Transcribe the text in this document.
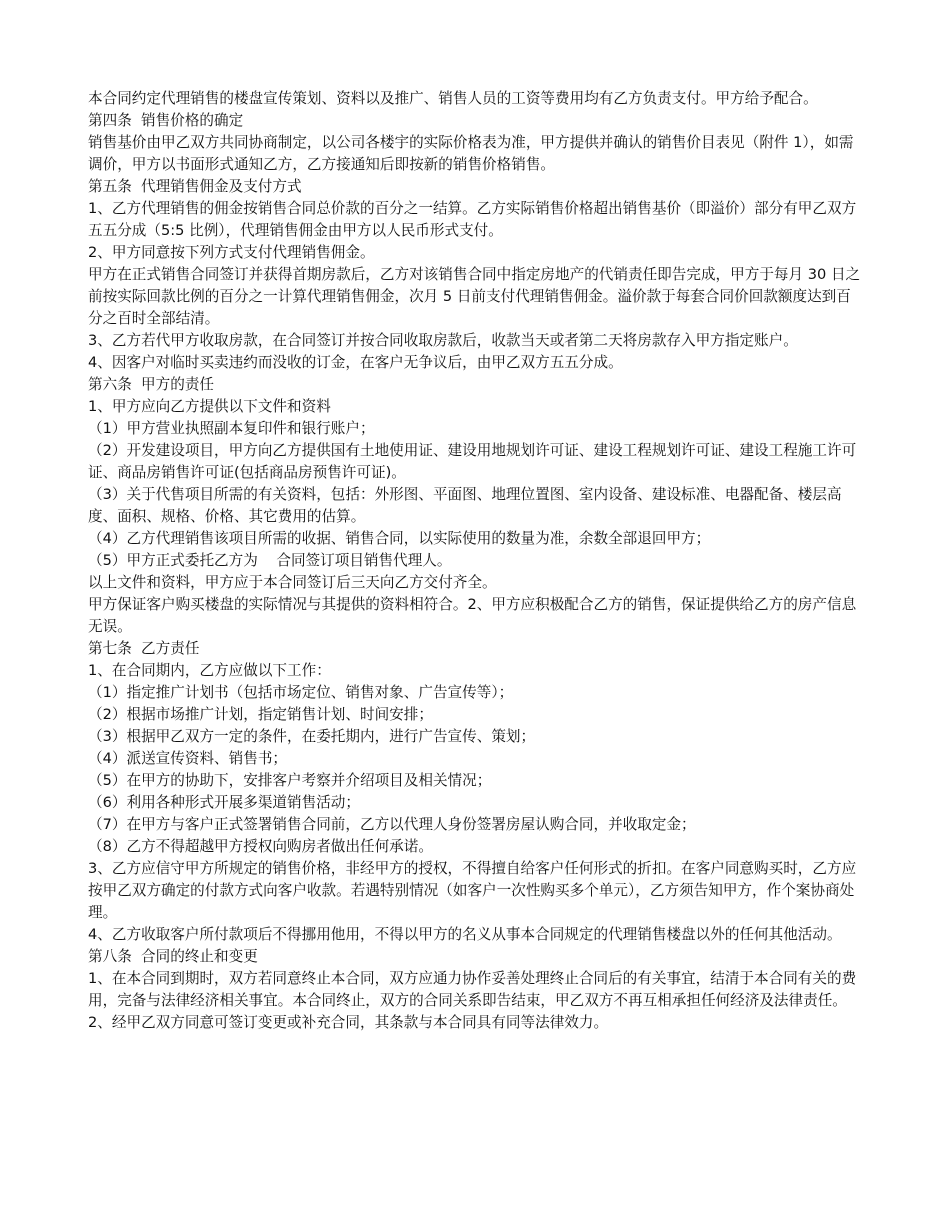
本合同约定代理销售的楼盘宣传策划、资料以及推广、销售人员的工资等费用均有乙方负责支付。甲方给予配合。

第四条  销售价格的确定

销售基价由甲乙双方共同协商制定，以公司各楼宇的实际价格表为准，甲方提供并确认的销售价目表见（附件 1），如需调价，甲方以书面形式通知乙方，乙方接通知后即按新的销售价格销售。

第五条  代理销售佣金及支付方式

1、乙方代理销售的佣金按销售合同总价款的百分之一结算。乙方实际销售价格超出销售基价（即溢价）部分有甲乙双方五五分成（5:5 比例），代理销售佣金由甲方以人民币形式支付。

2、甲方同意按下列方式支付代理销售佣金。

甲方在正式销售合同签订并获得首期房款后，乙方对该销售合同中指定房地产的代销责任即告完成，甲方于每月 30 日之前按实际回款比例的百分之一计算代理销售佣金，次月 5 日前支付代理销售佣金。溢价款于每套合同价回款额度达到百分之百时全部结清。

3、乙方若代甲方收取房款，在合同签订并按合同收取房款后，收款当天或者第二天将房款存入甲方指定账户。

4、因客户对临时买卖违约而没收的订金，在客户无争议后，由甲乙双方五五分成。

第六条  甲方的责任

1、甲方应向乙方提供以下文件和资料

（1）甲方营业执照副本复印件和银行账户；

（2）开发建设项目，甲方向乙方提供国有土地使用证、建设用地规划许可证、建设工程规划许可证、建设工程施工许可证、商品房销售许可证(包括商品房预售许可证)。

（3）关于代售项目所需的有关资料，包括：外形图、平面图、地理位置图、室内设备、建设标准、电器配备、楼层高度、面积、规格、价格、其它费用的估算。

（4）乙方代理销售该项目所需的收据、销售合同，以实际使用的数量为准，余数全部退回甲方；

（5）甲方正式委托乙方为    合同签订项目销售代理人。

以上文件和资料，甲方应于本合同签订后三天向乙方交付齐全。

甲方保证客户购买楼盘的实际情况与其提供的资料相符合。2、甲方应积极配合乙方的销售，保证提供给乙方的房产信息无误。

第七条  乙方责任

1、在合同期内，乙方应做以下工作：

（1）指定推广计划书（包括市场定位、销售对象、广告宣传等）；

（2）根据市场推广计划，指定销售计划、时间安排；

（3）根据甲乙双方一定的条件，在委托期内，进行广告宣传、策划；

（4）派送宣传资料、销售书；

（5）在甲方的协助下，安排客户考察并介绍项目及相关情况；

（6）利用各种形式开展多渠道销售活动；

（7）在甲方与客户正式签署销售合同前，乙方以代理人身份签署房屋认购合同，并收取定金；

（8）乙方不得超越甲方授权向购房者做出任何承诺。

3、乙方应信守甲方所规定的销售价格，非经甲方的授权，不得擅自给客户任何形式的折扣。在客户同意购买时，乙方应按甲乙双方确定的付款方式向客户收款。若遇特别情况（如客户一次性购买多个单元），乙方须告知甲方，作个案协商处理。

4、乙方收取客户所付款项后不得挪用他用，不得以甲方的名义从事本合同规定的代理销售楼盘以外的任何其他活动。

第八条  合同的终止和变更

1、在本合同到期时，双方若同意终止本合同，双方应通力协作妥善处理终止合同后的有关事宜，结清于本合同有关的费用，完备与法律经济相关事宜。本合同终止，双方的合同关系即告结束，甲乙双方不再互相承担任何经济及法律责任。

2、经甲乙双方同意可签订变更或补充合同，其条款与本合同具有同等法律效力。
